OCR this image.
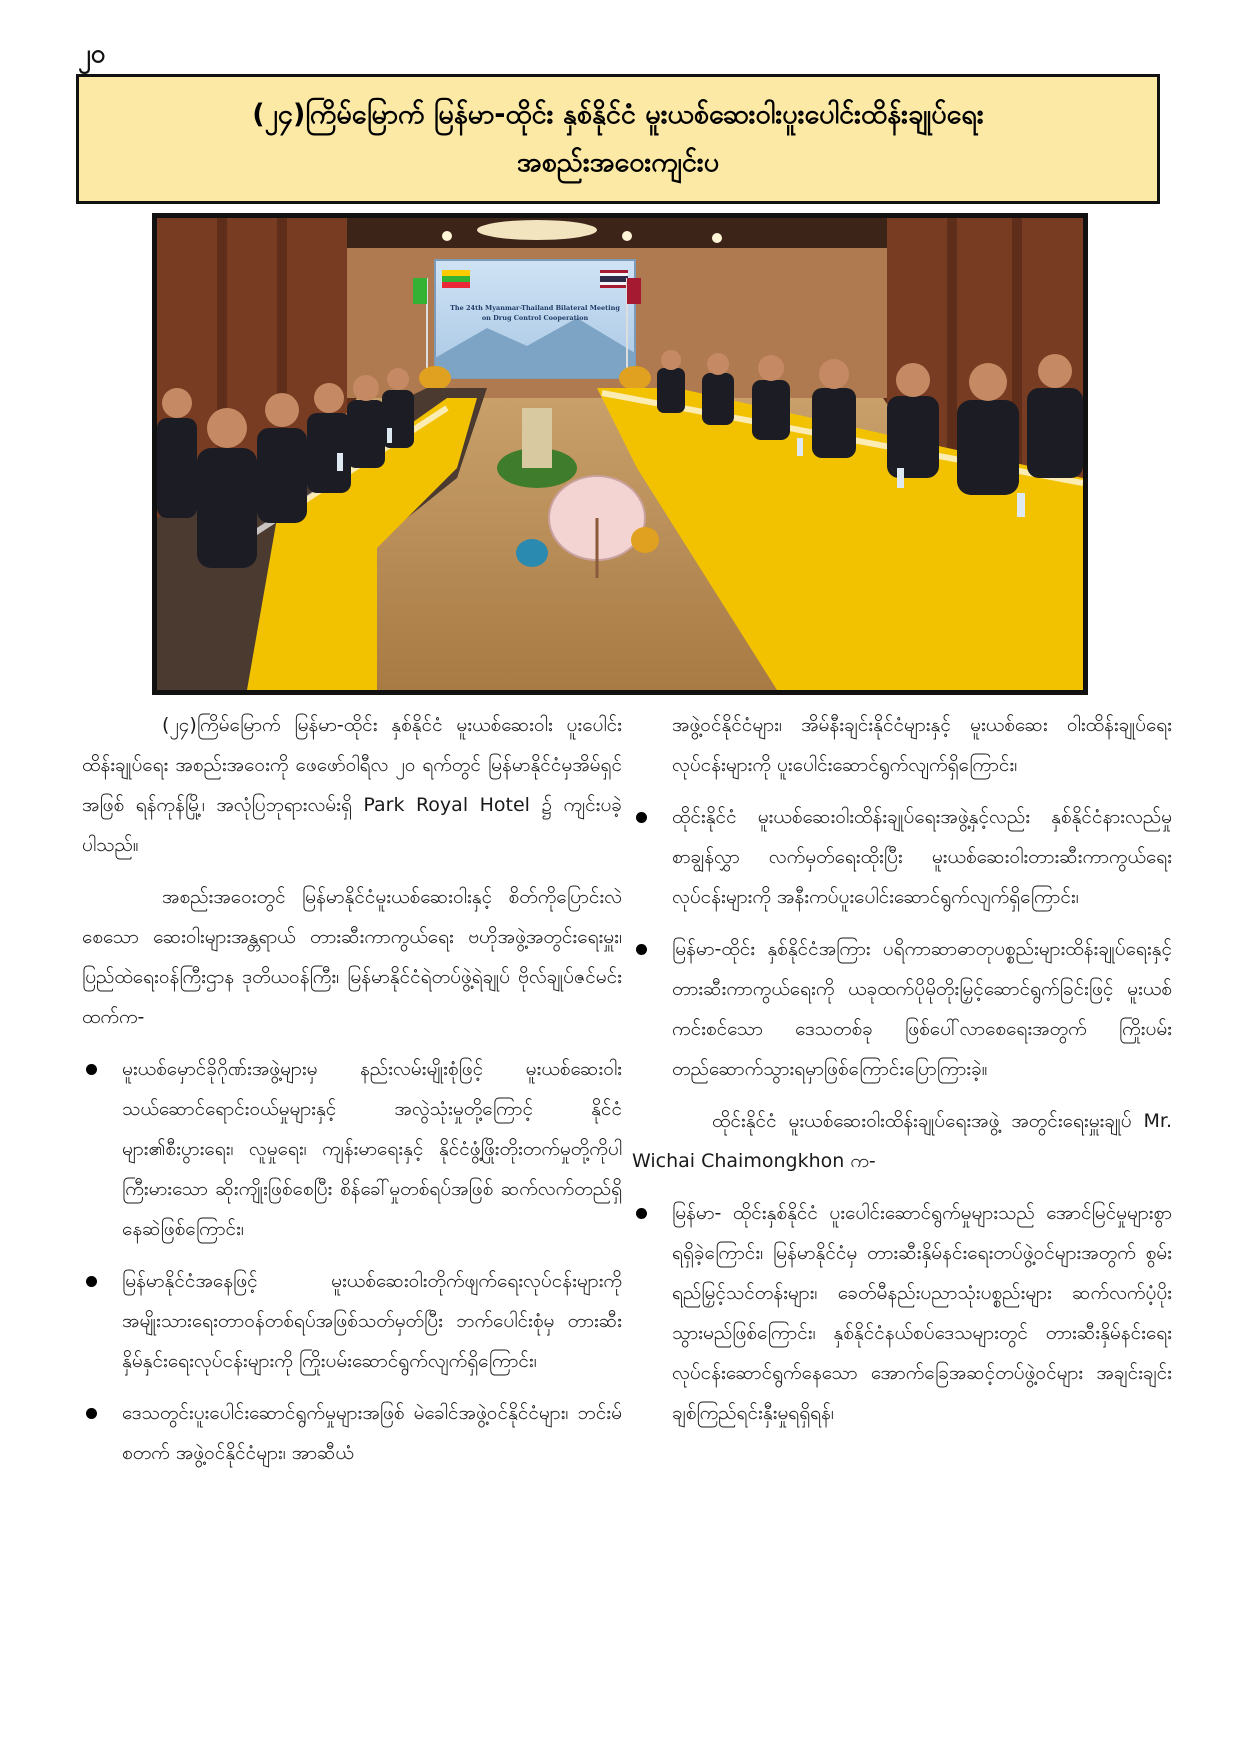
၂၀
(၂၄)ကြိမ်မြောက် မြန်မာ-ထိုင်း နှစ်နိုင်ငံ မူးယစ်ဆေးဝါးပူးပေါင်းထိန်းချုပ်ရေး
အစည်းအဝေးကျင်းပ
The 24th Myanmar-Thailand Bilateral Meeting
on Drug Control Cooperation

(၂၄)ကြိမ်မြောက် မြန်မာ-ထိုင်း နှစ်နိုင်ငံ မူးယစ်ဆေးဝါး ပူးပေါင်းထိန်းချုပ်ရေး အစည်းအဝေးကို ဖေဖော်ဝါရီလ ၂၀ ရက်တွင် မြန်မာနိုင်ငံမှအိမ်ရှင်အဖြစ် ရန်ကုန်မြို့၊ အလုံပြဘုရားလမ်းရှိ Park Royal Hotel ၌ ကျင်းပခဲ့ပါသည်။

အစည်းအဝေးတွင် မြန်မာနိုင်ငံမူးယစ်ဆေးဝါးနှင့် စိတ်ကိုပြောင်းလဲစေသော ဆေးဝါးများအန္တရာယ် တားဆီးကာကွယ်ရေး ဗဟိုအဖွဲ့အတွင်းရေးမှူး၊ ပြည်ထဲရေးဝန်ကြီးဌာန ဒုတိယဝန်ကြီး၊ မြန်မာနိုင်ငံရဲတပ်ဖွဲ့ရဲချုပ် ဗိုလ်ချုပ်ဇင်မင်းထက်က-

မူးယစ်မှောင်ခိုဂိုဏ်းအဖွဲ့များမှ နည်းလမ်းမျိုးစုံဖြင့် မူးယစ်ဆေးဝါးသယ်ဆောင်ရောင်းဝယ်မှုများနှင့် အလွဲသုံးမှုတို့ကြောင့် နိုင်ငံများ၏စီးပွားရေး၊ လူမှုရေး၊ ကျန်းမာရေးနှင့် နိုင်ငံဖွံ့ဖြိုးတိုးတက်မှုတို့ကိုပါ ကြီးမားသော ဆိုးကျိုးဖြစ်စေပြီး စိန်ခေါ်မှုတစ်ရပ်အဖြစ် ဆက်လက်တည်ရှိနေဆဲဖြစ်ကြောင်း၊
မြန်မာနိုင်ငံအနေဖြင့် မူးယစ်ဆေးဝါးတိုက်ဖျက်ရေးလုပ်ငန်းများကို အမျိုးသားရေးတာဝန်တစ်ရပ်အဖြစ်သတ်မှတ်ပြီး ဘက်ပေါင်းစုံမှ တားဆီးနှိမ်နှင်းရေးလုပ်ငန်းများကို ကြိုးပမ်းဆောင်ရွက်လျက်ရှိကြောင်း၊
ဒေသတွင်းပူးပေါင်းဆောင်ရွက်မှုများအဖြစ် မဲခေါင်အဖွဲ့ဝင်နိုင်ငံများ၊ ဘင်းမ်စတက် အဖွဲ့ဝင်နိုင်ငံများ၊ အာဆီယံ
အဖွဲ့ဝင်နိုင်ငံများ၊ အိမ်နီးချင်းနိုင်ငံများနှင့် မူးယစ်ဆေး ဝါးထိန်းချုပ်ရေးလုပ်ငန်းများကို ပူးပေါင်းဆောင်ရွက်လျက်ရှိကြောင်း၊
ထိုင်းနိုင်ငံ မူးယစ်ဆေးဝါးထိန်းချုပ်ရေးအဖွဲ့နှင့်လည်း နှစ်နိုင်ငံနားလည်မှုစာချွန်လွှာ လက်မှတ်ရေးထိုးပြီး မူးယစ်ဆေးဝါးတားဆီးကာကွယ်ရေးလုပ်ငန်းများကို အနီးကပ်ပူးပေါင်းဆောင်ရွက်လျက်ရှိကြောင်း၊
မြန်မာ-ထိုင်း နှစ်နိုင်ငံအကြား ပရိကာဆာဓာတုပစ္စည်းများထိန်းချုပ်ရေးနှင့် တားဆီးကာကွယ်ရေးကို ယခုထက်ပိုမိုတိုးမြှင့်ဆောင်ရွက်ခြင်းဖြင့် မူးယစ်ကင်းစင်သော ဒေသတစ်ခု ဖြစ်ပေါ်လာစေရေးအတွက် ကြိုးပမ်းတည်ဆောက်သွားရမှာဖြစ်ကြောင်းပြောကြားခဲ့။

ထိုင်းနိုင်ငံ မူးယစ်ဆေးဝါးထိန်းချုပ်ရေးအဖွဲ့ အတွင်းရေးမှူးချုပ် Mr. Wichai Chaimongkhon က-

မြန်မာ- ထိုင်းနှစ်နိုင်ငံ ပူးပေါင်းဆောင်ရွက်မှုများသည် အောင်မြင်မှုများစွာ ရရှိခဲ့ကြောင်း၊ မြန်မာနိုင်ငံမှ တားဆီးနှိမ်နင်းရေးတပ်ဖွဲ့ဝင်များအတွက် စွမ်းရည်မြှင့်သင်တန်းများ၊ ခေတ်မီနည်းပညာသုံးပစ္စည်းများ ဆက်လက်ပံ့ပိုးသွားမည်ဖြစ်ကြောင်း၊ နှစ်နိုင်ငံနယ်စပ်ဒေသများတွင် တားဆီးနှိမ်နင်းရေးလုပ်ငန်းဆောင်ရွက်နေသော အောက်ခြေအဆင့်တပ်ဖွဲ့ဝင်များ အချင်းချင်း ချစ်ကြည်ရင်းနှီးမှုရရှိရန်၊
